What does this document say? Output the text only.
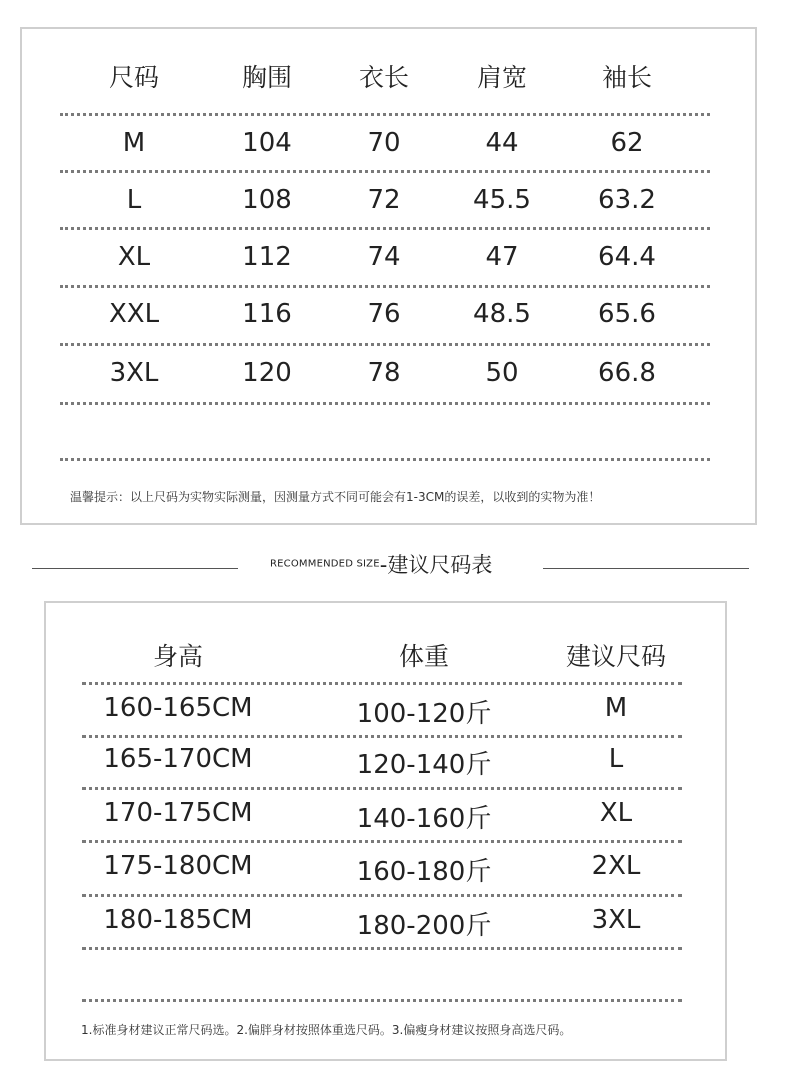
尺码	胸围	衣长	肩宽	袖长
M	104	70	44	62
L	108	72	45.5	63.2
XL	112	74	47	64.4
XXL	116	76	48.5	65.6
3XL	120	78	50	66.8
温馨提示：以上尺码为实物实际测量，因测量方式不同可能会有1-3CM的误差，以收到的实物为准！
RECOMMENDED SIZE-建议尺码表
身高	体重	建议尺码
160-165CM	100-120斤	M
165-170CM	120-140斤	L
170-175CM	140-160斤	XL
175-180CM	160-180斤	2XL
180-185CM	180-200斤	3XL
1.标准身材建议正常尺码选。2.偏胖身材按照体重选尺码。3.偏瘦身材建议按照身高选尺码。
